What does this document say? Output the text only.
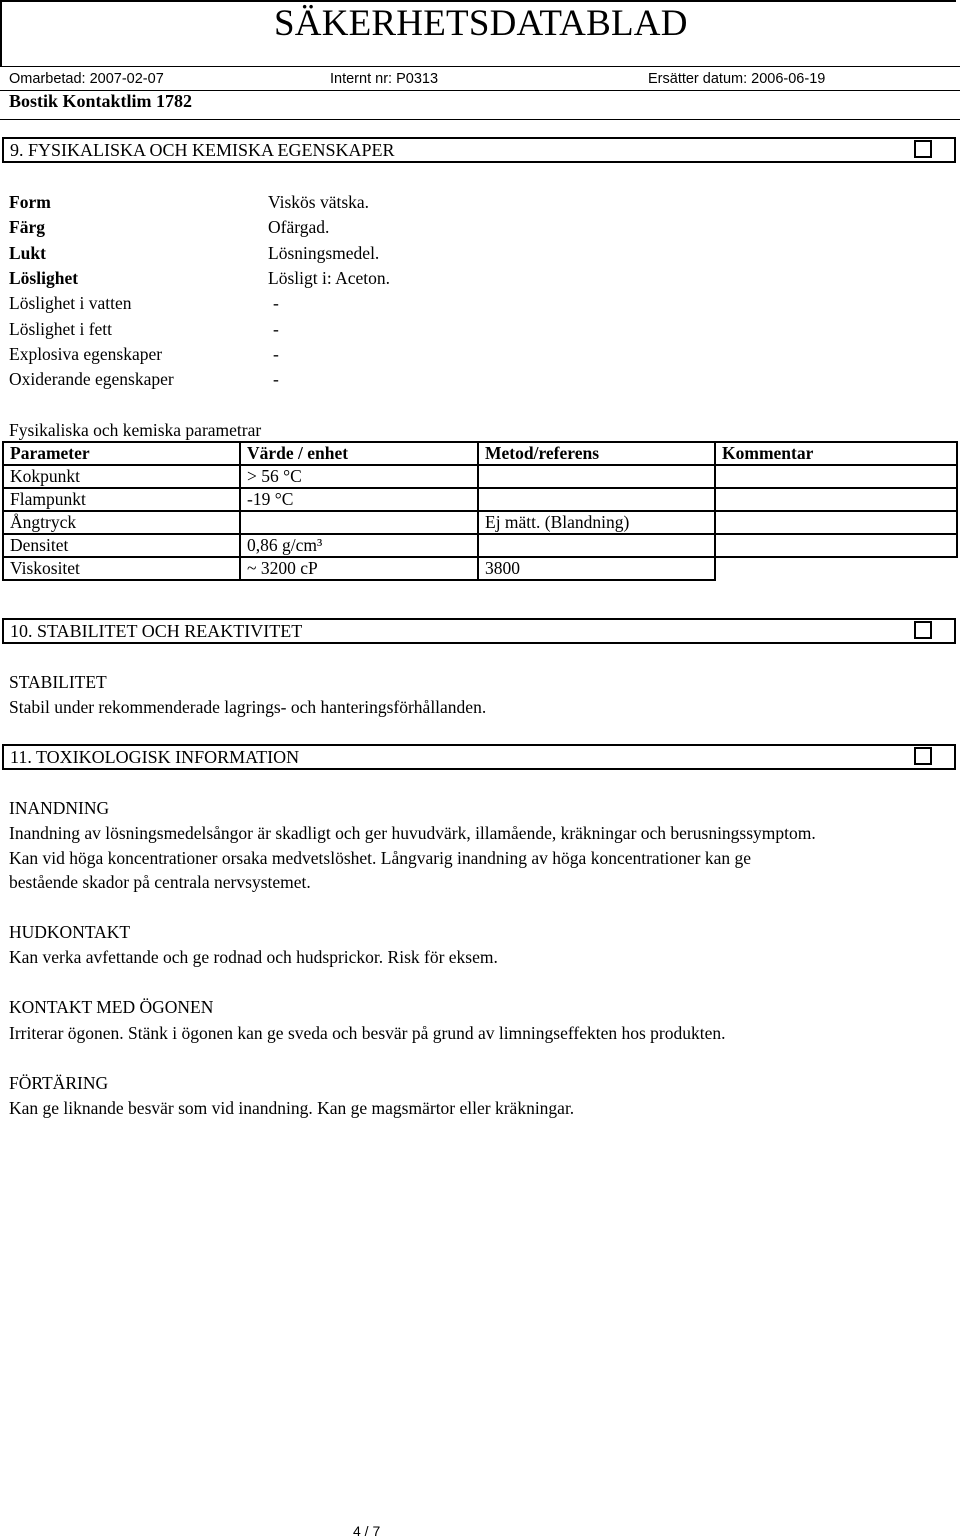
SÄKERHETSDATABLAD
Omarbetad: 2007-02-07	Internt nr: P0313	Ersätter datum: 2006-06-19
Bostik Kontaktlim 1782
9. FYSIKALISKA OCH KEMISKA EGENSKAPER
Form	Viskös vätska.
Färg	Ofärgad.
Lukt	Lösningsmedel.
Löslighet	Lösligt i: Aceton.
Löslighet i vatten	-
Löslighet i fett	-
Explosiva egenskaper	-
Oxiderande egenskaper	-
Fysikaliska och kemiska parametrar
Parameter	Värde / enhet	Metod/referens	Kommentar
Kokpunkt	> 56 °C		
Flampunkt	-19 °C		
Ångtryck		Ej mätt. (Blandning)	
Densitet	0,86 g/cm³		
Viskositet	~ 3200 cP	3800	
10. STABILITET OCH REAKTIVITET
STABILITET
Stabil under rekommenderade lagrings- och hanteringsförhållanden.
11. TOXIKOLOGISK INFORMATION
INANDNING
Inandning av lösningsmedelsångor är skadligt och ger huvudvärk, illamående, kräkningar och berusningssymptom.
Kan vid höga koncentrationer orsaka medvetslöshet. Långvarig inandning av höga koncentrationer kan ge
bestående skador på centrala nervsystemet.
HUDKONTAKT
Kan verka avfettande och ge rodnad och hudsprickor. Risk för eksem.
KONTAKT MED ÖGONEN
Irriterar ögonen. Stänk i ögonen kan ge sveda och besvär på grund av limningseffekten hos produkten.
FÖRTÄRING
Kan ge liknande besvär som vid inandning. Kan ge magsmärtor eller kräkningar.
4 / 7
